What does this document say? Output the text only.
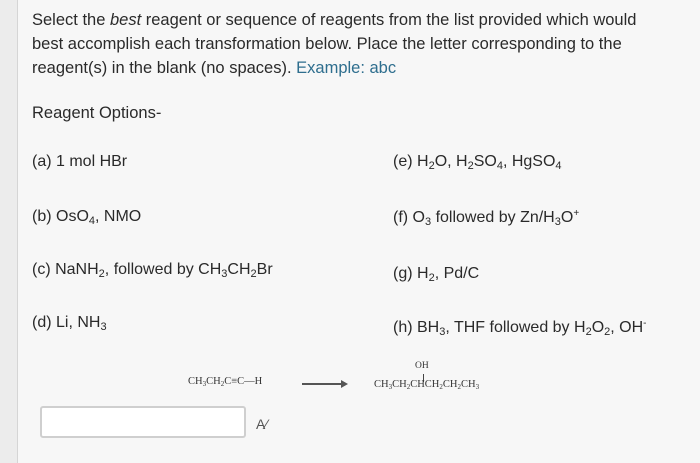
Select the best reagent or sequence of reagents from the list provided which would best accomplish each transformation below. Place the letter corresponding to the reagent(s) in the blank (no spaces). Example: abc
Reagent Options-
(a) 1 mol HBr
(b) OsO$_4$, NMO
(c) NaNH$_2$, followed by $CH_3CH_2Br$
(d) Li, $NH_3$
(e) $H_2O$, $H_2SO_4$, HgSO$_4$
(f) $O_3$ followed by $Zn/H_3O^+$
(g) $H_2$, Pd/C
(h) $BH_3$, THF followed by $H_2O_2$, OH-
$CH_3CH_2C\equiv C—H$
OH
$CH_3CH_2CHCH_2CH_2CH_3$
A⁄
